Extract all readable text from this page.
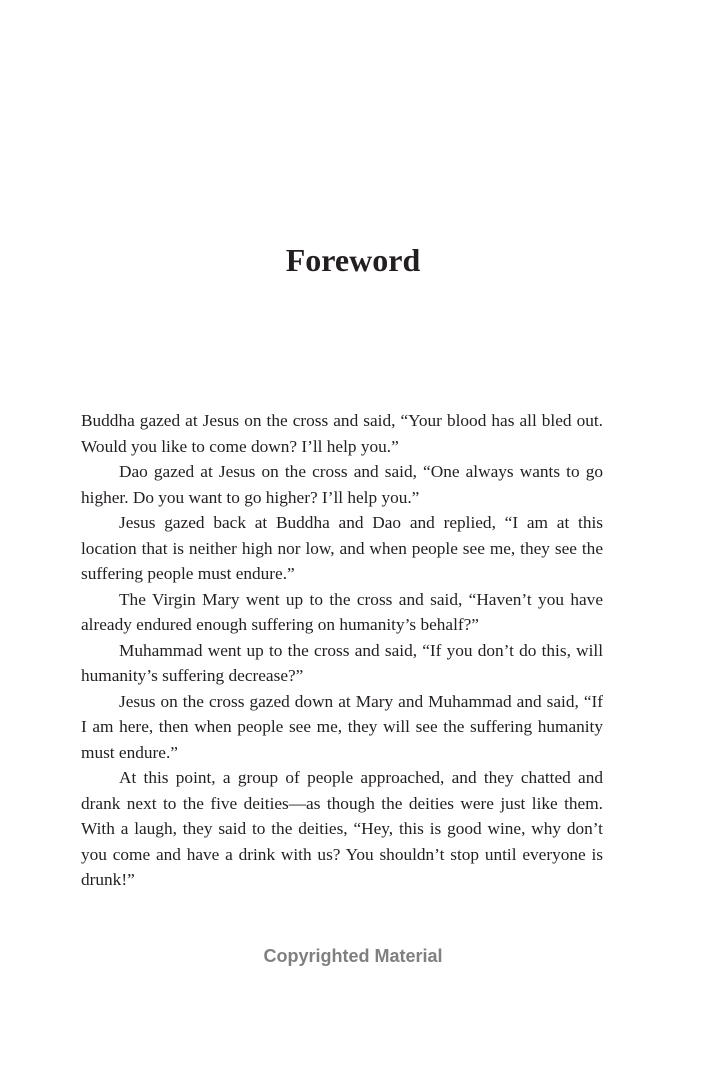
Foreword

Buddha gazed at Jesus on the cross and said, “Your blood has all bled out. Would you like to come down? I’ll help you.”

Dao gazed at Jesus on the cross and said, “One always wants to go higher. Do you want to go higher? I’ll help you.”

Jesus gazed back at Buddha and Dao and replied, “I am at this location that is neither high nor low, and when people see me, they see the suffering people must endure.”

The Virgin Mary went up to the cross and said, “Haven’t you have already endured enough suffering on humanity’s behalf?”

Muhammad went up to the cross and said, “If you don’t do this, will humanity’s suffering decrease?”

Jesus on the cross gazed down at Mary and Muhammad and said, “If I am here, then when people see me, they will see the suffering humanity must endure.”

At this point, a group of people approached, and they chatted and drank next to the five deities—as though the deities were just like them. With a laugh, they said to the deities, “Hey, this is good wine, why don’t you come and have a drink with us? You shouldn’t stop until everyone is drunk!”

Copyrighted Material
